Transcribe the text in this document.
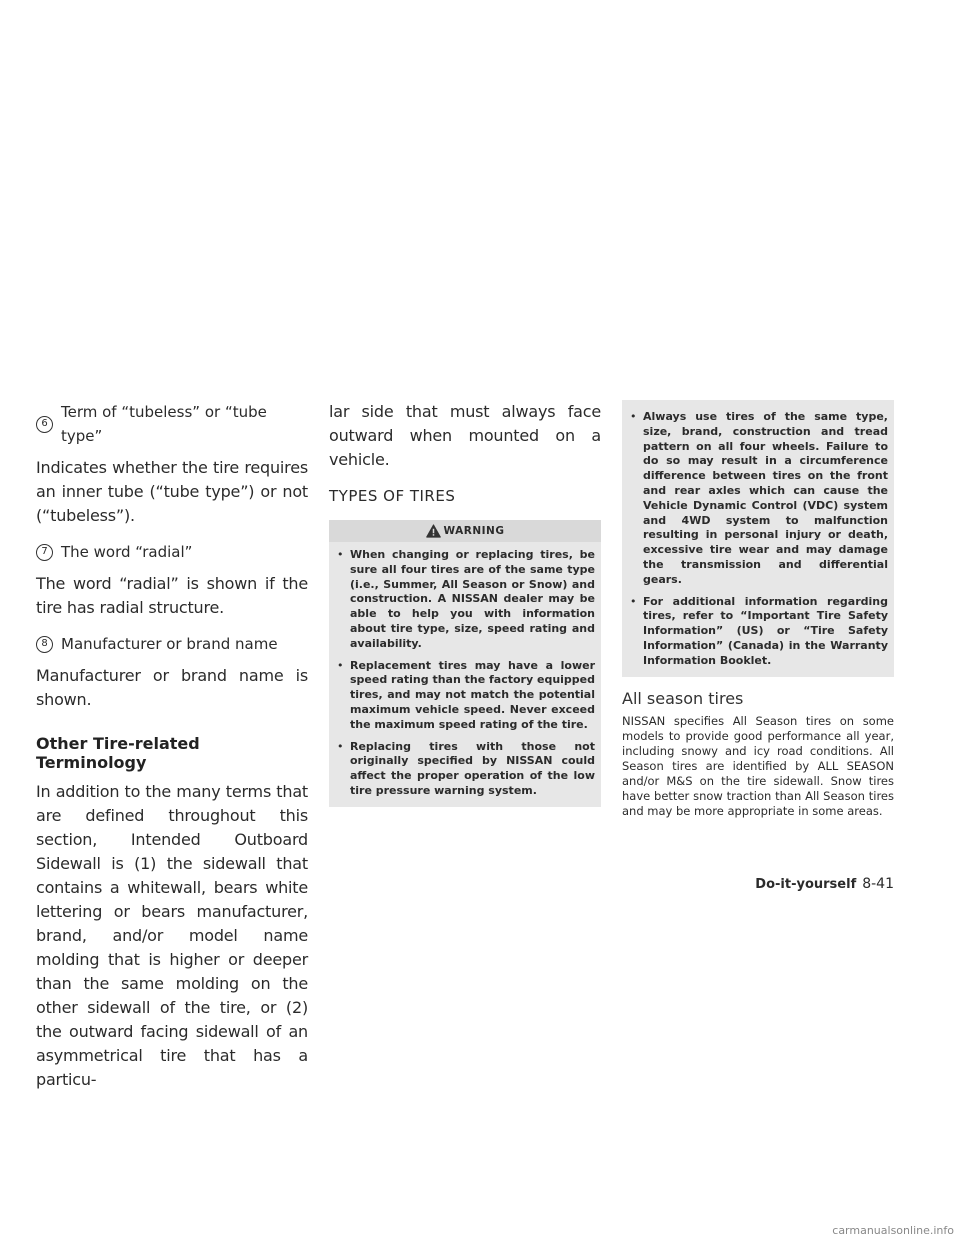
6
Term of “tubeless” or “tube type”

Indicates whether the tire requires an inner tube (“tube type”) or not (“tubeless”).

7 The word “radial”

The word “radial” is shown if the tire has radial structure.

8 Manufacturer or brand name

Manufacturer or brand name is shown.

Other Tire-related Terminology

In addition to the many terms that are defined throughout this section, Intended Outboard Sidewall is (1) the sidewall that contains a whitewall, bears white lettering or bears manufacturer, brand, and/or model name molding that is higher or deeper than the same molding on the other sidewall of the tire, or (2) the outward facing sidewall of an asymmetrical tire that has a particu-

lar side that must always face outward when mounted on a vehicle.

TYPES OF TIRES
WARNING
• When changing or replacing tires, be sure all four tires are of the same type (i.e., Summer, All Season or Snow) and construction. A NISSAN dealer may be able to help you with information about tire type, size, speed rating and availability.
• Replacement tires may have a lower speed rating than the factory equipped tires, and may not match the potential maximum vehicle speed. Never exceed the maximum speed rating of the tire.
• Replacing tires with those not originally specified by NISSAN could affect the proper operation of the low tire pressure warning system.
• Always use tires of the same type, size, brand, construction and tread pattern on all four wheels. Failure to do so may result in a circumference difference between tires on the front and rear axles which can cause the Vehicle Dynamic Control (VDC) system and 4WD system to malfunction resulting in personal injury or death, excessive tire wear and may damage the transmission and differential gears.
• For additional information regarding tires, refer to “Important Tire Safety Information” (US) or “Tire Safety Information” (Canada) in the Warranty Information Booklet.
All season tires

NISSAN specifies All Season tires on some models to provide good performance all year, including snowy and icy road conditions. All Season tires are identified by ALL SEASON and/or M&S on the tire sidewall. Snow tires have better snow traction than All Season tires and may be more appropriate in some areas.

Do-it-yourself 8-41
carmanualsonline.info
